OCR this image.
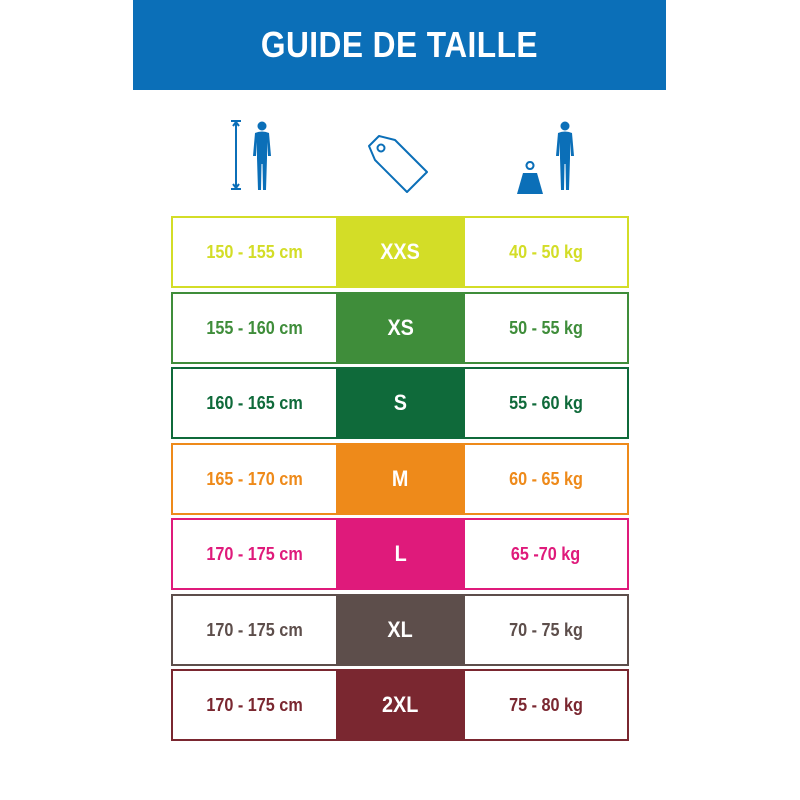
GUIDE DE TAILLE
150 - 155 cm	XXS	40 - 50 kg
155 - 160 cm	XS	50 - 55 kg
160 - 165 cm	S	55 - 60 kg
165 - 170 cm	M	60 - 65 kg
170 - 175 cm	L	65 -70 kg
170 - 175 cm	XL	70 - 75 kg
170 - 175 cm	2XL	75 - 80 kg
